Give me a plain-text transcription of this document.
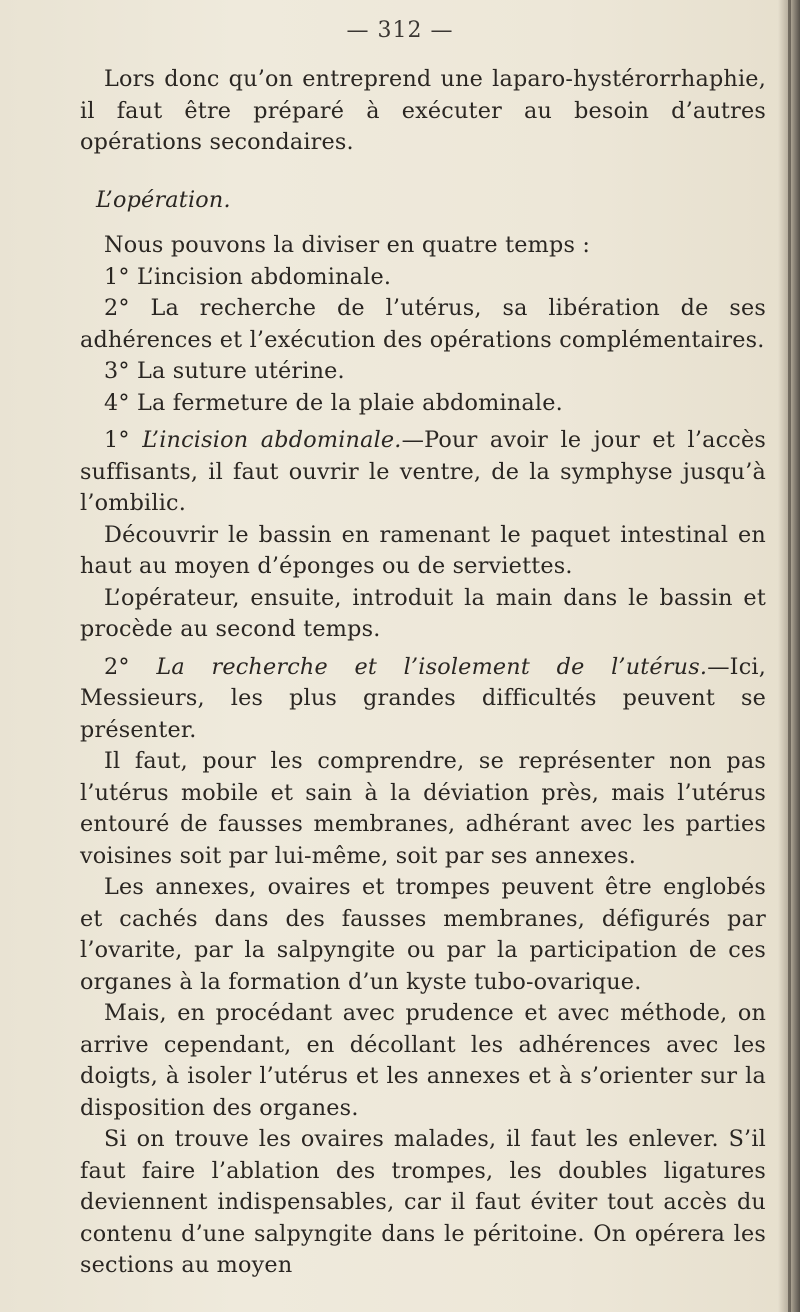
— 312 —

Lors donc qu’on entreprend une laparo-hystérorrhaphie, il faut être préparé à exécuter au besoin d’autres opérations secondaires.

L’opération.

Nous pouvons la diviser en quatre temps :

1° L’incision abdominale.

2° La recherche de l’utérus, sa libération de ses adhérences et l’exécution des opérations complémentaires.

3° La suture utérine.

4° La fermeture de la plaie abdominale.

1° L’incision abdominale.—Pour avoir le jour et l’accès suffisants, il faut ouvrir le ventre, de la symphyse jusqu’à l’ombilic.

Découvrir le bassin en ramenant le paquet intestinal en haut au moyen d’éponges ou de serviettes.

L’opérateur, ensuite, introduit la main dans le bassin et procède au second temps.

2° La recherche et l’isolement de l’utérus.—Ici, Messieurs, les plus grandes difficultés peuvent se présenter.

Il faut, pour les comprendre, se représenter non pas l’utérus mobile et sain à la déviation près, mais l’utérus entouré de fausses membranes, adhérant avec les parties voisines soit par lui-même, soit par ses annexes.

Les annexes, ovaires et trompes peuvent être englobés et cachés dans des fausses membranes, défigurés par l’ovarite, par la salpyngite ou par la participation de ces organes à la formation d’un kyste tubo-ovarique.

Mais, en procédant avec prudence et avec méthode, on arrive cependant, en décollant les adhérences avec les doigts, à isoler l’utérus et les annexes et à s’orienter sur la disposition des organes.

Si on trouve les ovaires malades, il faut les enlever. S’il faut faire l’ablation des trompes, les doubles ligatures deviennent indispensables, car il faut éviter tout accès du contenu d’une salpyngite dans le péritoine. On opérera les sections au moyen
